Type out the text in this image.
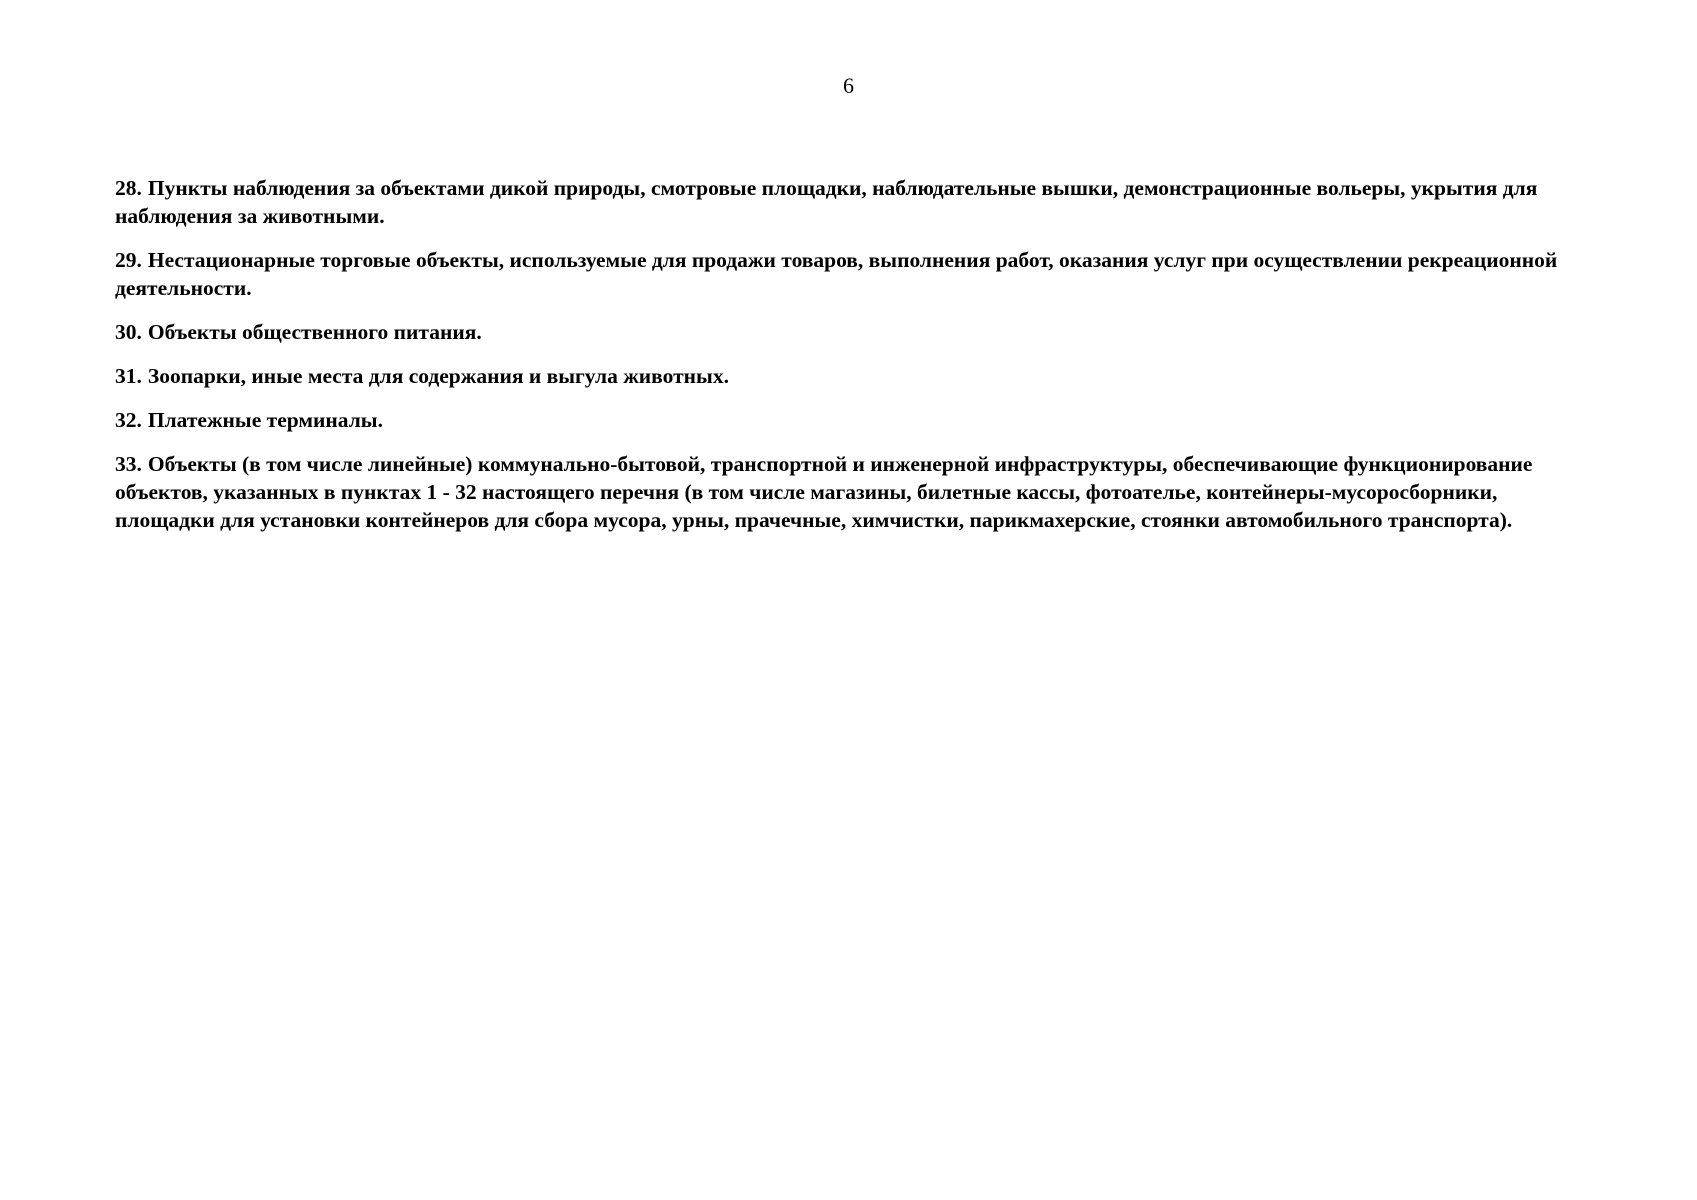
6

28. Пункты наблюдения за объектами дикой природы, смотровые площадки, наблюдательные вышки, демонстрационные вольеры, укрытия для наблюдения за животными.

29. Нестационарные торговые объекты, используемые для продажи товаров, выполнения работ, оказания услуг при осуществлении рекреационной деятельности.

30. Объекты общественного питания.

31. Зоопарки, иные места для содержания и выгула животных.

32. Платежные терминалы.

33. Объекты (в том числе линейные) коммунально-бытовой, транспортной и инженерной инфраструктуры, обеспечивающие функционирование объектов, указанных в пунктах 1 - 32 настоящего перечня (в том числе магазины, билетные кассы, фотоателье, контейнеры-мусоросборники, площадки для установки контейнеров для сбора мусора, урны, прачечные, химчистки, парикмахерские, стоянки автомобильного транспорта).
